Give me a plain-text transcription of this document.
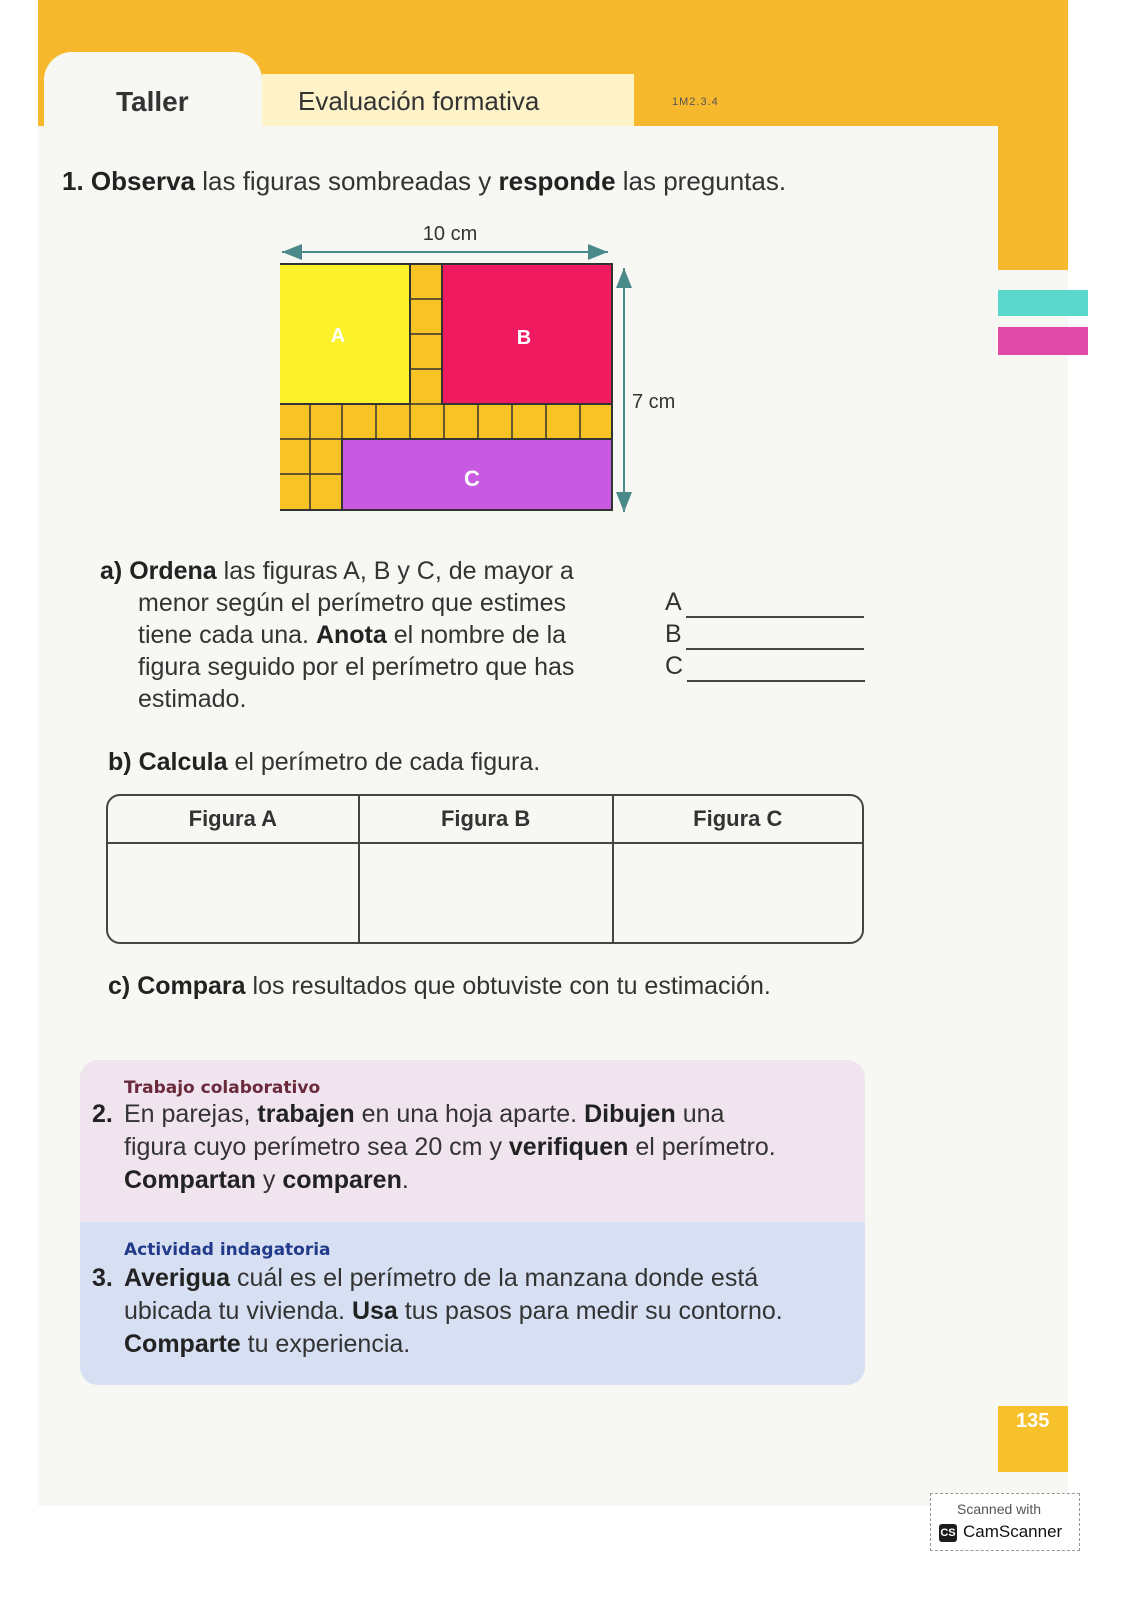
Taller	Evaluación formativa	1M2.3.4
1. Observa las figuras sombreadas y responde las preguntas.
10 cm
7 cm
A	B
C
a) Ordena las figuras A, B y C, de mayor a
menor según el perímetro que estimes
tiene cada una. Anota el nombre de la
figura seguido por el perímetro que has
estimado.
A
B
C
b) Calcula el perímetro de cada figura.
Figura A	Figura B	Figura C

c) Compara los resultados que obtuviste con tu estimación.
Trabajo colaborativo
2. En parejas, trabajen en una hoja aparte. Dibujen una
figura cuyo perímetro sea 20 cm y verifiquen el perímetro.
Compartan y comparen.
Actividad indagatoria
3. Averigua cuál es el perímetro de la manzana donde está
ubicada tu vivienda. Usa tus pasos para medir su contorno.
Comparte tu experiencia.
135
Scanned with
CS CamScanner
